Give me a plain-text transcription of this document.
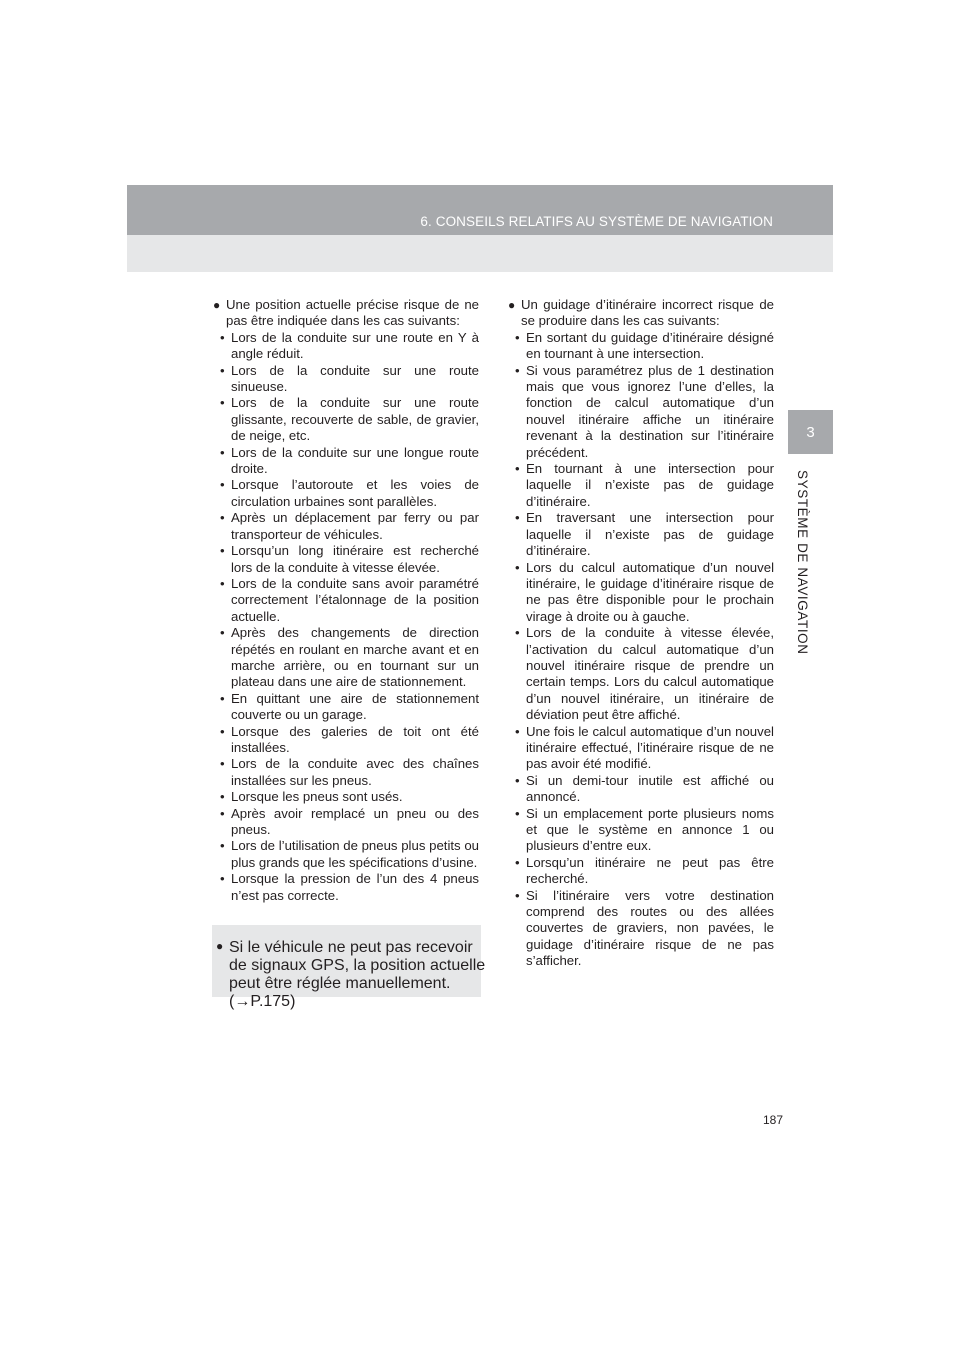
6. CONSEILS RELATIFS AU SYSTÈME DE NAVIGATION
3
SYSTÈME DE NAVIGATION

● Une position actuelle précise risque de ne pas être indiquée dans les cas suivants:

• Lors de la conduite sur une route en Y à angle réduit.
• Lors de la conduite sur une route sinueuse.
• Lors de la conduite sur une route glissante, recouverte de sable, de gravier, de neige, etc.
• Lors de la conduite sur une longue route droite.
• Lorsque l’autoroute et les voies de circulation urbaines sont parallèles.
• Après un déplacement par ferry ou par transporteur de véhicules.
• Lorsqu’un long itinéraire est recherché lors de la conduite à vitesse élevée.
• Lors de la conduite sans avoir paramétré correctement l’étalonnage de la position actuelle.
• Après des changements de direction répétés en roulant en marche avant et en marche arrière, ou en tournant sur un plateau dans une aire de stationnement.
• En quittant une aire de stationnement couverte ou un garage.
• Lorsque des galeries de toit ont été installées.
• Lors de la conduite avec des chaînes installées sur les pneus.
• Lorsque les pneus sont usés.
• Après avoir remplacé un pneu ou des pneus.
• Lors de l’utilisation de pneus plus petits ou plus grands que les spécifications d’usine.
• Lorsque la pression de l’un des 4 pneus n’est pas correcte.

● Si le véhicule ne peut pas recevoir de signaux GPS, la position actuelle peut être réglée manuellement. (→P.175)

● Un guidage d’itinéraire incorrect risque de se produire dans les cas suivants:

• En sortant du guidage d’itinéraire désigné en tournant à une intersection.
• Si vous paramétrez plus de 1 destination mais que vous ignorez l’une d’elles, la fonction de calcul automatique d’un nouvel itinéraire affiche un itinéraire revenant à la destination sur l’itinéraire précédent.
• En tournant à une intersection pour laquelle il n’existe pas de guidage d’itinéraire.
• En traversant une intersection pour laquelle il n’existe pas de guidage d’itinéraire.
• Lors du calcul automatique d’un nouvel itinéraire, le guidage d’itinéraire risque de ne pas être disponible pour le prochain virage à droite ou à gauche.
• Lors de la conduite à vitesse élevée, l’activation du calcul automatique d’un nouvel itinéraire risque de prendre un certain temps. Lors du calcul automatique d’un nouvel itinéraire, un itinéraire de déviation peut être affiché.
• Une fois le calcul automatique d’un nouvel itinéraire effectué, l’itinéraire risque de ne pas avoir été modifié.
• Si un demi-tour inutile est affiché ou annoncé.
• Si un emplacement porte plusieurs noms et que le système en annonce 1 ou plusieurs d’entre eux.
• Lorsqu’un itinéraire ne peut pas être recherché.
• Si l’itinéraire vers votre destination comprend des routes ou des allées couvertes de graviers, non pavées, le guidage d’itinéraire risque de ne pas s’afficher.
187
